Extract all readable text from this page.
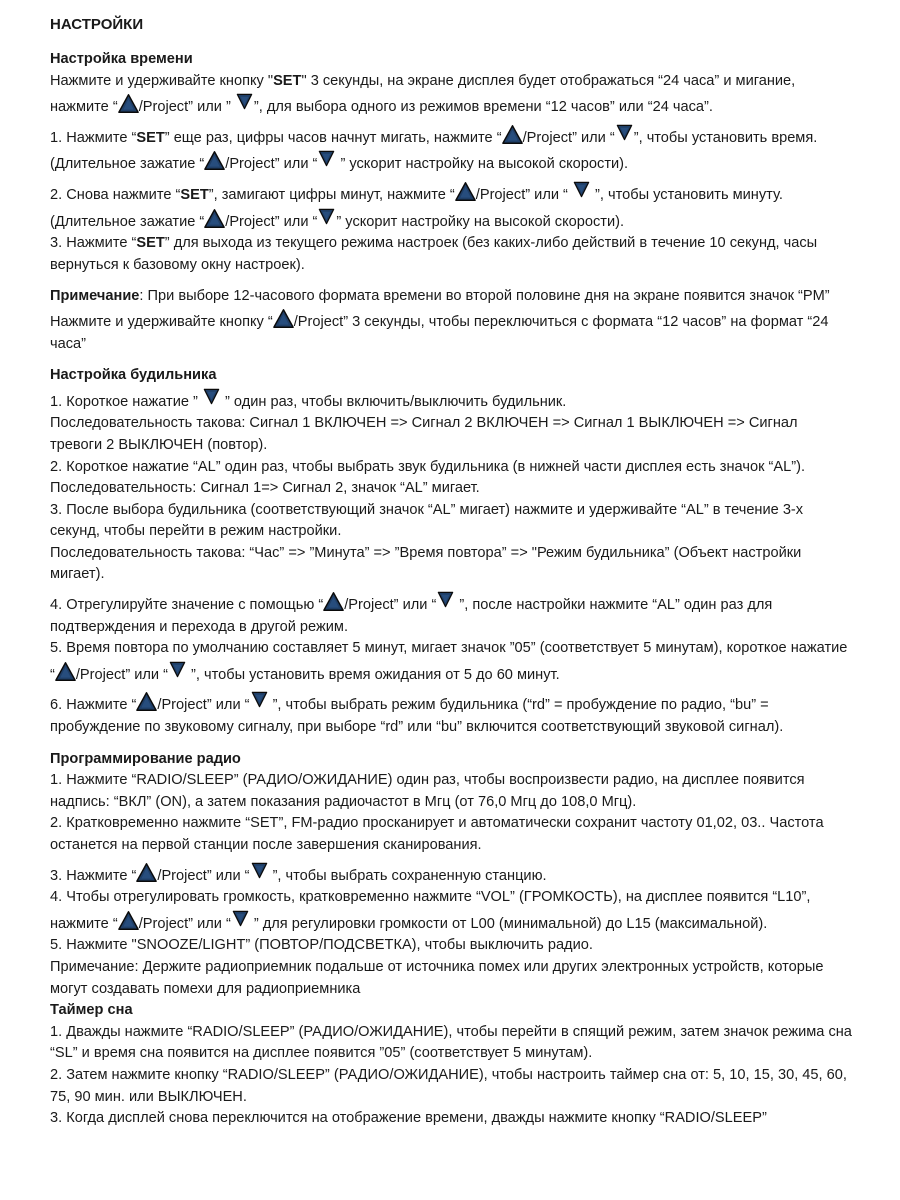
НАСТРОЙКИ
Настройка времени
Нажмите и удерживайте кнопку "SET" 3 секунды, на экране дисплея будет отображаться “24 часа” и мигание, нажмите “ /Project” или ”
”, для выбора одного из режимов времени “12 часов” или “24 часа”.
1. Нажмите “SET” еще раз, цифры часов начнут мигать, нажмите “ /Project” или “ ”, чтобы установить время. (Длительное зажатие “ /Project” или “
” ускорит настройку на высокой скорости).
2. Снова нажмите “SET”, замигают цифры минут, нажмите “ /Project” или “
”, чтобы установить минуту. (Длительное зажатие “ /Project” или “ ” ускорит настройку на высокой скорости).
3. Нажмите “SET” для выхода из текущего режима настроек (без каких-либо действий в течение 10 секунд, часы вернуться к базовому окну настроек).
Примечание: При выборе 12-часового формата времени во второй половине дня на экране появится значок “PM” Нажмите и удерживайте кнопку “ /Project” 3 секунды, чтобы переключиться с формата “12 часов” на формат “24 часа”
Настройка будильника
1. Короткое нажатие ”
” один раз, чтобы включить/выключить будильник.
Последовательность такова: Сигнал 1 ВКЛЮЧЕН => Сигнал 2 ВКЛЮЧЕН => Сигнал 1 ВЫКЛЮЧЕН => Сигнал тревоги 2 ВЫКЛЮЧЕН (повтор).
2. Короткое нажатие “AL” один раз, чтобы выбрать звук будильника (в нижней части дисплея есть значок “AL”). Последовательность: Сигнал 1=> Сигнал 2, значок “AL” мигает.
3. После выбора будильника (соответствующий значок “AL” мигает) нажмите и удерживайте “AL” в течение 3-х секунд, чтобы перейти в режим настройки.
Последовательность такова: “Час” => ”Минута” => ”Время повтора” => "Режим будильника” (Объект настройки мигает).
4. Отрегулируйте значение с помощью “ /Project” или “
”, после настройки нажмите “AL” один раз для подтверждения и перехода в другой режим.
5. Время повтора по умолчанию составляет 5 минут, мигает значок ”05” (соответствует 5 минутам), короткое нажатие “ /Project” или “
”, чтобы установить время ожидания от 5 до 60 минут.
6. Нажмите “ /Project” или “
”, чтобы выбрать режим будильника (“rd” = пробуждение по радио, “bu” = пробуждение по звуковому сигналу, при выборе “rd” или “bu” включится соответствующий звуковой сигнал).
Программирование радио
1. Нажмите “RADIO/SLEEP” (РАДИО/ОЖИДАНИЕ) один раз, чтобы воспроизвести радио, на дисплее появится надпись: “ВКЛ” (ON), а затем показания радиочастот в Мгц (от 76,0 Мгц до 108,0 Мгц).
2. Кратковременно нажмите “SET”, FM-радио просканирует и автоматически сохранит частоту 01,02, 03.. Частота останется на первой станции после завершения сканирования.
3. Нажмите “ /Project” или “
”, чтобы выбрать сохраненную станцию.
4. Чтобы отрегулировать громкость, кратковременно нажмите “VOL” (ГРОМКОСТЬ), на дисплее появится “L10”, нажмите “ /Project” или “
” для регулировки громкости от L00 (минимальной) до L15 (максимальной).
5. Нажмите "SNOOZE/LIGHT” (ПОВТОР/ПОДСВЕТКА), чтобы выключить радио.
Примечание: Держите радиоприемник подальше от источника помех или других электронных устройств, которые могут создавать помехи для радиоприемника
Таймер сна
1. Дважды нажмите “RADIO/SLEEP” (РАДИО/ОЖИДАНИЕ), чтобы перейти в спящий режим, затем значок режима сна “SL” и время сна появится на дисплее появится ”05” (соответствует 5 минутам).
2. Затем нажмите кнопку “RADIO/SLEEP” (РАДИО/ОЖИДАНИЕ), чтобы настроить таймер сна от: 5, 10, 15, 30, 45, 60, 75, 90 мин. или ВЫКЛЮЧЕН.
3. Когда дисплей снова переключится на отображение времени, дважды нажмите кнопку “RADIO/SLEEP”
